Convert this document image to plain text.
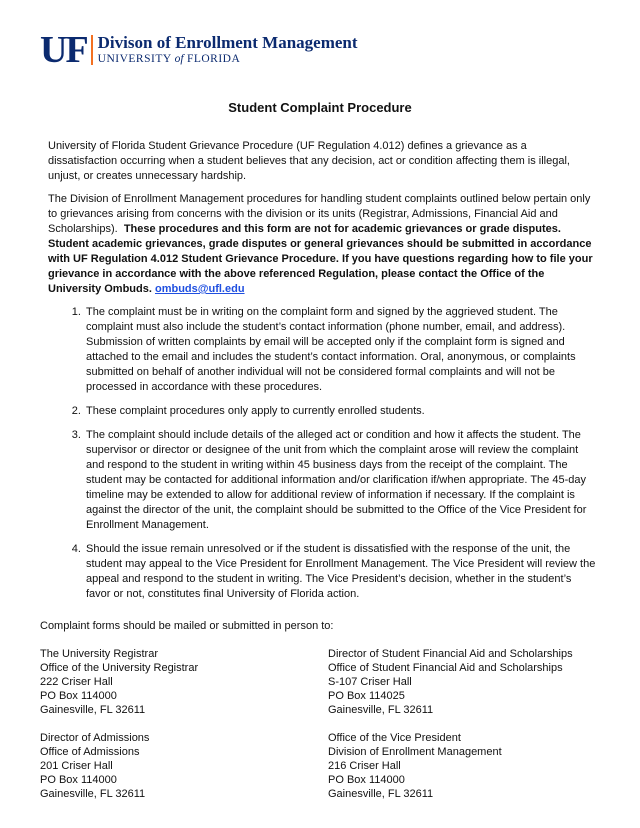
UF Divison of Enrollment Management
UNIVERSITY of FLORIDA
Student Complaint Procedure

University of Florida Student Grievance Procedure (UF Regulation 4.012) defines a grievance as a dissatisfaction occurring when a student believes that any decision, act or condition affecting them is illegal, unjust, or creates unnecessary hardship.

The Division of Enrollment Management procedures for handling student complaints outlined below pertain only to grievances arising from concerns with the division or its units (Registrar, Admissions, Financial Aid and Scholarships). These procedures and this form are not for academic grievances or grade disputes. Student academic grievances, grade disputes or general grievances should be submitted in accordance with UF Regulation 4.012 Student Grievance Procedure. If you have questions regarding how to file your grievance in accordance with the above referenced Regulation, please contact the Office of the University Ombuds. ombuds@ufl.edu

1. The complaint must be in writing on the complaint form and signed by the aggrieved student. The complaint must also include the student’s contact information (phone number, email, and address). Submission of written complaints by email will be accepted only if the complaint form is signed and attached to the email and includes the student’s contact information. Oral, anonymous, or complaints submitted on behalf of another individual will not be considered formal complaints and will not be processed in accordance with these procedures.
2. These complaint procedures only apply to currently enrolled students.
3. The complaint should include details of the alleged act or condition and how it affects the student. The supervisor or director or designee of the unit from which the complaint arose will review the complaint and respond to the student in writing within 45 business days from the receipt of the complaint. The student may be contacted for additional information and/or clarification if/when appropriate. The 45-day timeline may be extended to allow for additional review of information if necessary. If the complaint is against the director of the unit, the complaint should be submitted to the Office of the Vice President for Enrollment Management.
4. Should the issue remain unresolved or if the student is dissatisfied with the response of the unit, the student may appeal to the Vice President for Enrollment Management. The Vice President will review the appeal and respond to the student in writing. The Vice President’s decision, whether in the student’s favor or not, constitutes final University of Florida action.

Complaint forms should be mailed or submitted in person to:

The University Registrar
Office of the University Registrar
222 Criser Hall
PO Box 114000
Gainesville, FL 32611
Director of Student Financial Aid and Scholarships
Office of Student Financial Aid and Scholarships
S-107 Criser Hall
PO Box 114025
Gainesville, FL 32611
Director of Admissions
Office of Admissions
201 Criser Hall
PO Box 114000
Gainesville, FL 32611
Office of the Vice President
Division of Enrollment Management
216 Criser Hall
PO Box 114000
Gainesville, FL 32611
